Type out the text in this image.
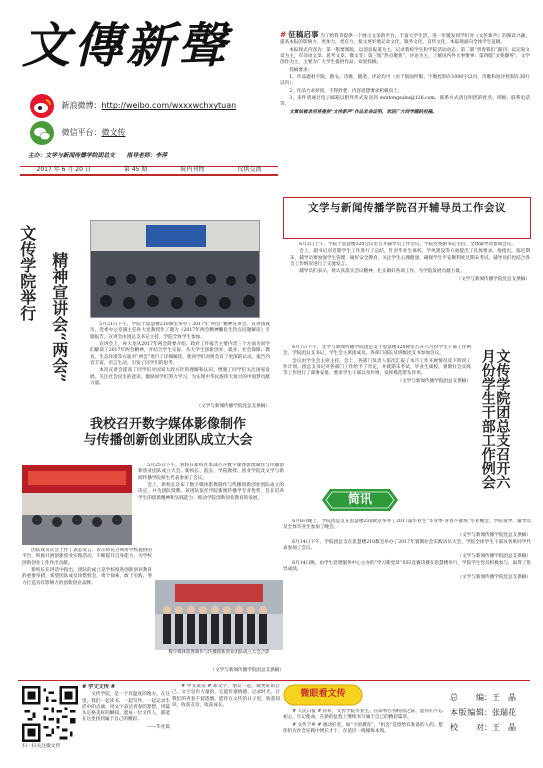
文傳新聲
新浪微博：http://weibo.com/wxxxwchxytuan
微信平台：微文传
主办：文学与新闻传播学院团总支　　指导老师：李萍
2017 年 6 月 20 日	第 45 期	院内刊物	仅供交流

# 征稿启事 为了给我刊提供一个展示文采的平台，丰富大学生活，进一步激发同学们对《文传新声》的阅读兴趣，提高本报的影响力，更加力，更有力，使文更好地记录文化、服务文化、宣传文化，本报现面向全体学生征稿。

本报现式内容为：第一版要闻版，以消息报道为主，记录我校学生和学院活动动态；第二版“青春我们”副刊：以记叙文章为主，有诗词文章、思考文章、散文等；第三版“热点聚焦”，评论为主，了解国内外大事要事；第四版“文苑撷英”，文学创作为主，主要为广大学生提供作品，欢迎投稿。

投稿要求：

1、作品题材不限，散文、诗歌、随笔、评论均可（由于版面所限，字数控制在1000字以内，诗歌和短评控制在30行以内）；

2、作品力求原创，不得抄袭，内容思想要求积极向上；

3、来件请通过电子邮箱以附件形式发送到 zwxtongsubu@126.com，联系方式请注明您的姓名、班级、联系电话等。

文章如被录用将提供“文传新声”作品发表证明，欢迎广大同学踊跃投稿。

文传学院举行 精神宣讲会“两会”	5月31日下午，学院于思慧楼210教室举办了2017年“两会”精神宣讲会。宣讲团成员、党委办公室副主任孙大龙教授作了题为《2017年两会精神懒民生热点问题解读》专题报告，宣讲会由团总支书记主持，学院全体学生参加。

宣讲会上，孙大龙从2017年两会简要介绍、政府工作报告主要内容三个方面为同学们解读了2017年两会精神，并结合学生实际，从大学生创新创业、就业、社会保障、教育、生态环境等方面对“两会”进行了详细解读，使同学们对两会有了更深的认识。报告内容丰富，语言生动，引发了同学们的思考。

本次宣讲会提高了同学们对国家大政方针的理解和认识，增强了同学们关注国家发展、关注社会民生的意识，激励同学们努力学习，为实现中华民族伟大复兴的中国梦贡献力量。

（文学与新闻传播学院党总支供稿）
文学与新闻传播学院召开辅导员工作会议

6月2日上午，学院于思慧楼320会议室召开辅导员工作会议，学院党委副书记主持，全体辅导员参加会议。

会上，副书记对近期学生工作进行了总结，针对毕业生离校、学风建设等方面提出了具体要求。他指出，临近期末，辅导员要加强学生管理，做好安全教育，关注学生心理健康，确保学生平安顺利度过期末考试。辅导员们也结合各自工作情况进行了交流发言。

辅导员们表示，将认真落实会议精神，扎实做好各项工作，为学院发展贡献力量。

（文学与新闻传播学院党总支供稿）

6月7日下午，文学与新闻传播学院团总支于思慧楼320教室召开六月份学生干部工作例会，学院团总支书记、学生会主席团成员、各部门部长及班级团支书参加会议。

会议由学生会主席主持。会上，各部门负责人依次汇报了本月工作开展情况及下阶段工作计划。团总支书记对各部门工作给予了肯定，并就期末考试、毕业生离校、暑期社会实践等工作进行了部署安排，要求学生干部以身作则，发挥模范带头作用。

（文学与新闻传播学院团总支供稿）	文传学院团总支召开六月份学生干部工作例会
我校召开数字媒体影像制作
与传播创新创业团队成立大会

5月25日下午，我校在新校区本部召开数字媒体影像制作与传播创新创业团队成立大会。新校长、院长、学院教授、创业学院及文学与新闻传播学院师生代表参加了会议。

会上，新校长宣布了数字媒体影像制作与传播创新创业团队成立的决定，并为团队授牌。该团队依托学院新闻传播学专业优势，旨在培养学生的创新精神和实践能力，推动学院创新创业教育的发展。

团队成员在会上作了表态发言，表示将充分利用学校提供的平台，积极开展创新创业实践活动，不断提升自身能力，为学校创新创业工作作出贡献。

新校长在讲话中指出，团队的成立是学校推进创新创业教育的重要举措，希望团队成员珍惜机会，勇于探索，敢于实践，努力打造具有影响力的创新创业品牌。

数字媒体影像制作与传播创新创业团队成立大会合影
（文学与新闻传播学院团总支供稿）
简讯

6月6日晚上，学院团总支在思慧楼210教室举办了2017届毕业生“毕业季·青春不散场”毕业晚会，学院领导、辅导员及全体毕业生参加了晚会。

（文学与新闻传播学院党总支供稿）

6月14日下午，学院团总支在思慧楼210教室举办了2017年暑期社会实践动员大会，学院全体学生干部及各班同学代表参加了会议。

（文学与新闻传播学院团总支供稿）

6月14日晚，由学生党建服务中心主办的“学习新党章”知识竞赛决赛在思慧楼举行，学院学生党员积极参与，取得了优异成绩。

（文学与新闻传播学院党总支供稿）

扫一扫关注微文传

# 学文文传 #

文传学院，是一个有温度的地方。在这里，我们一起读书，一起写作，一起记录生活中的点滴，用文字表达青春的梦想，用镜头定格美好的瞬间。愿每一位文传人，都能在这里找到属于自己的精彩。

——毕业篇

# 中文说话 # 和文字、朋友一起，做更好的自己。文字是有力量的，它能传递情感，记录时光，让我们的青春不留遗憾。愿你在文传的日子里，收获知识，收获友谊，收获成长。

微眼看文传

# 人民日报 # 你好，文传学院毕业生。在即将告别校园之际，愿你们不忘初心，牢记使命，在新的征程上继续书写属于自己的精彩篇章。

# 文传下乡 # 感动好奇，如“小的教育”，“机会”是留给有准备的人的。愿你们在社会实践中增长才干，在基层一线锤炼本领。

总编 ： 王　晶
本版编辑 ： 张瑞花
校对 ： 王　晶
